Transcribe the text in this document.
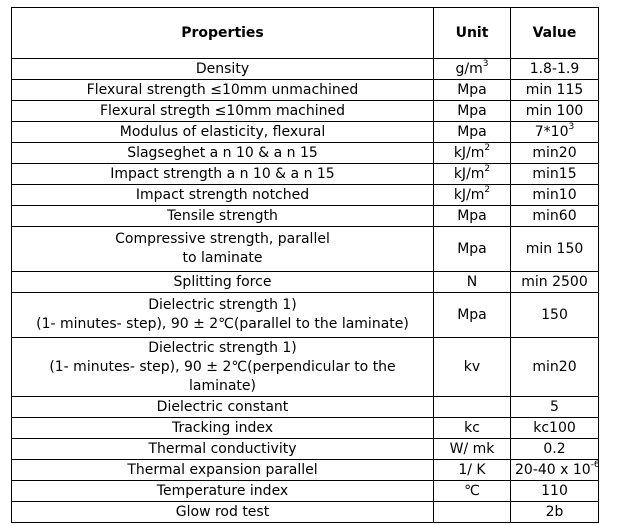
Properties	Unit	Value

Density	$g/m^3$	1.8-1.9

Flexural strength ≤10mm unmachined	Mpa	min 115

Flexural stregth ≤10mm machined	Mpa	min 100

Modulus of elasticity, flexural	Mpa	$7*10^3$

Slagseghet a n 10 & a n 15	$kJ/m^2$	min20

Impact strength a n 10 & a n 15	$kJ/m^2$	min15

Impact strength notched	$kJ/m^2$	min10

Tensile strength	Mpa	min60

Compressive strength, parallel
to laminate	Mpa	min 150

Splitting force	N	min 2500

Dielectric strength 1)
(1- minutes- step), 90 ± 2℃(parallel to the laminate)	Mpa	150

Dielectric strength 1)
(1- minutes- step), 90 ± 2℃(perpendicular to the
laminate)	kv	min20

Dielectric constant		5

Tracking index	kc	kc100

Thermal conductivity	W/ mk	0.2

Thermal expansion parallel	1/ K	20-40 x $10^{-6}$

Temperature index	℃	110

Glow rod test		2b
